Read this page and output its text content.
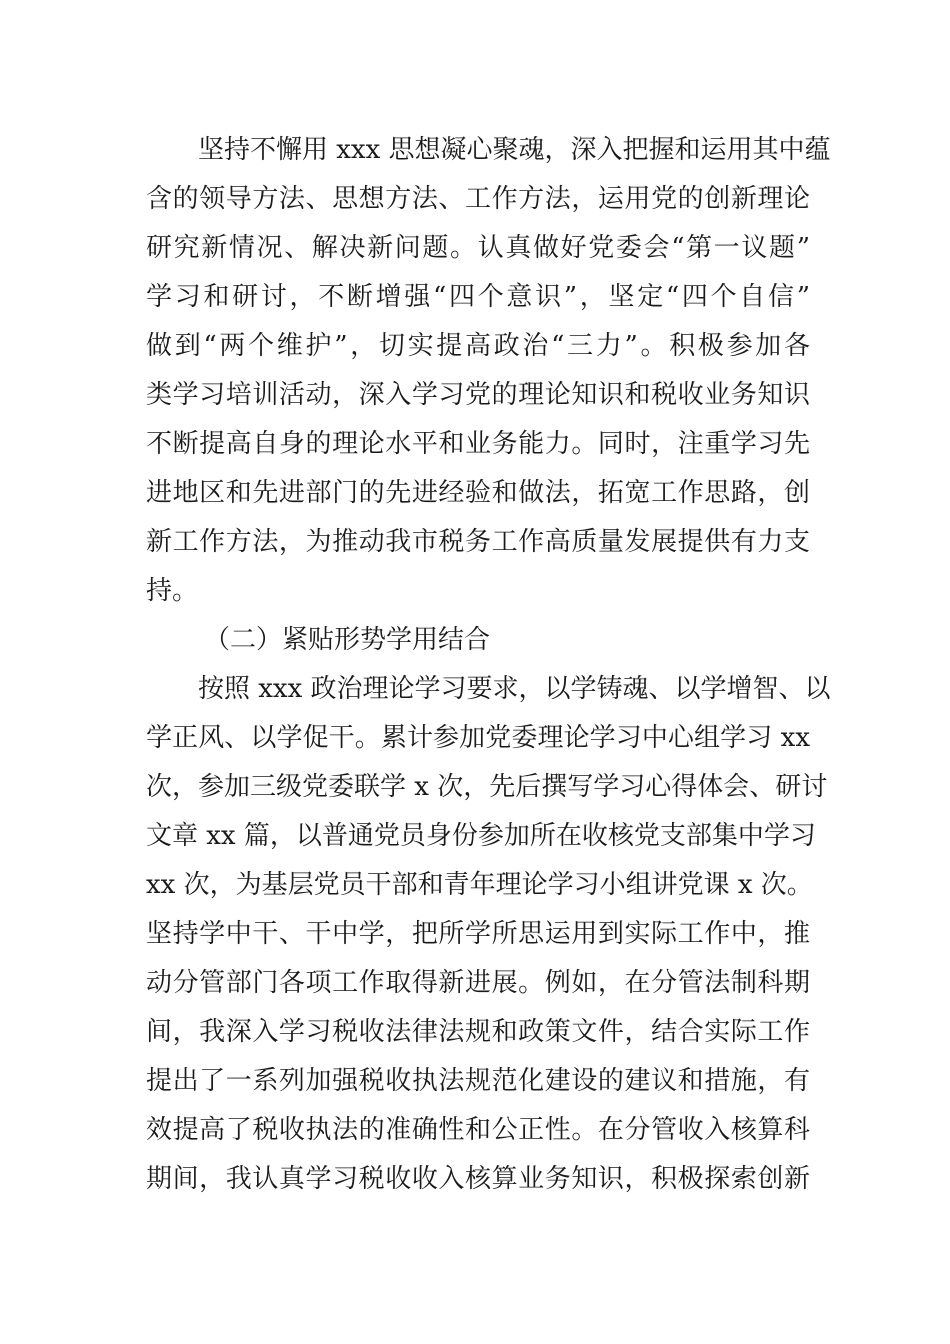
坚持不懈用 xxx 思想凝心聚魂，深入把握和运用其中蕴
含的领导方法、思想方法、工作方法，运用党的创新理论
研究新情况、解决新问题。认真做好党委会“第一议题”
学习和研讨，不断增强“四个意识”，坚定“四个自信”
做到“两个维护”，切实提高政治“三力”。积极参加各
类学习培训活动，深入学习党的理论知识和税收业务知识
不断提高自身的理论水平和业务能力。同时，注重学习先
进地区和先进部门的先进经验和做法，拓宽工作思路，创
新工作方法，为推动我市税务工作高质量发展提供有力支
持。
（二）紧贴形势学用结合
按照 xxx 政治理论学习要求，以学铸魂、以学增智、以
学正风、以学促干。累计参加党委理论学习中心组学习 xx
次，参加三级党委联学 x 次，先后撰写学习心得体会、研讨
文章 xx 篇，以普通党员身份参加所在收核党支部集中学习
xx 次，为基层党员干部和青年理论学习小组讲党课 x 次。
坚持学中干、干中学，把所学所思运用到实际工作中，推
动分管部门各项工作取得新进展。例如，在分管法制科期
间，我深入学习税收法律法规和政策文件，结合实际工作
提出了一系列加强税收执法规范化建设的建议和措施，有
效提高了税收执法的准确性和公正性。在分管收入核算科
期间，我认真学习税收收入核算业务知识，积极探索创新
